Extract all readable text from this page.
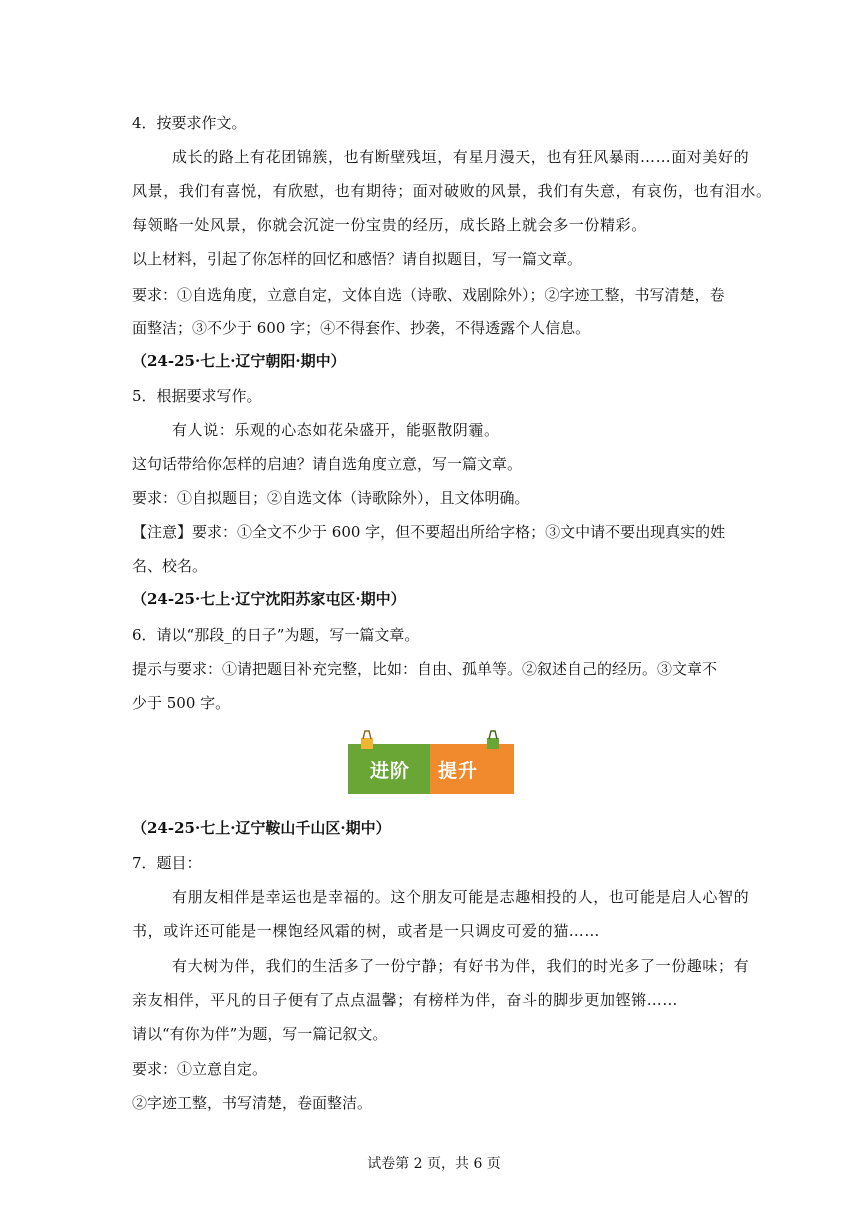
4．按要求作文。
成长的路上有花团锦簇，也有断壁残垣，有星月漫天，也有狂风暴雨……面对美好的
风景，我们有喜悦，有欣慰，也有期待；面对破败的风景，我们有失意，有哀伤，也有泪水。
每领略一处风景，你就会沉淀一份宝贵的经历，成长路上就会多一份精彩。
以上材料，引起了你怎样的回忆和感悟？请自拟题目，写一篇文章。
要求：①自选角度，立意自定，文体自选（诗歌、戏剧除外）；②字迹工整，书写清楚，卷
面整洁；③不少于 600 字；④不得套作、抄袭，不得透露个人信息。
（24-25·七上·辽宁朝阳·期中）
5．根据要求写作。
有人说：乐观的心态如花朵盛开，能驱散阴霾。
这句话带给你怎样的启迪？请自选角度立意，写一篇文章。
要求：①自拟题目；②自选文体（诗歌除外），且文体明确。
【注意】要求：①全文不少于 600 字，但不要超出所给字格；③文中请不要出现真实的姓
名、校名。
（24-25·七上·辽宁沈阳苏家屯区·期中）
6．请以“那段_的日子”为题，写一篇文章。
提示与要求：①请把题目补充完整，比如：自由、孤单等。②叙述自己的经历。③文章不
少于 500 字。
进阶 提升
（24-25·七上·辽宁鞍山千山区·期中）
7．题目：
有朋友相伴是幸运也是幸福的。这个朋友可能是志趣相投的人，也可能是启人心智的
书，或许还可能是一棵饱经风霜的树，或者是一只调皮可爱的猫……
有大树为伴，我们的生活多了一份宁静；有好书为伴，我们的时光多了一份趣味；有
亲友相伴，平凡的日子便有了点点温馨；有榜样为伴，奋斗的脚步更加铿锵……
请以“有你为伴”为题，写一篇记叙文。
要求：①立意自定。
②字迹工整，书写清楚，卷面整洁。
试卷第 2 页，共 6 页
